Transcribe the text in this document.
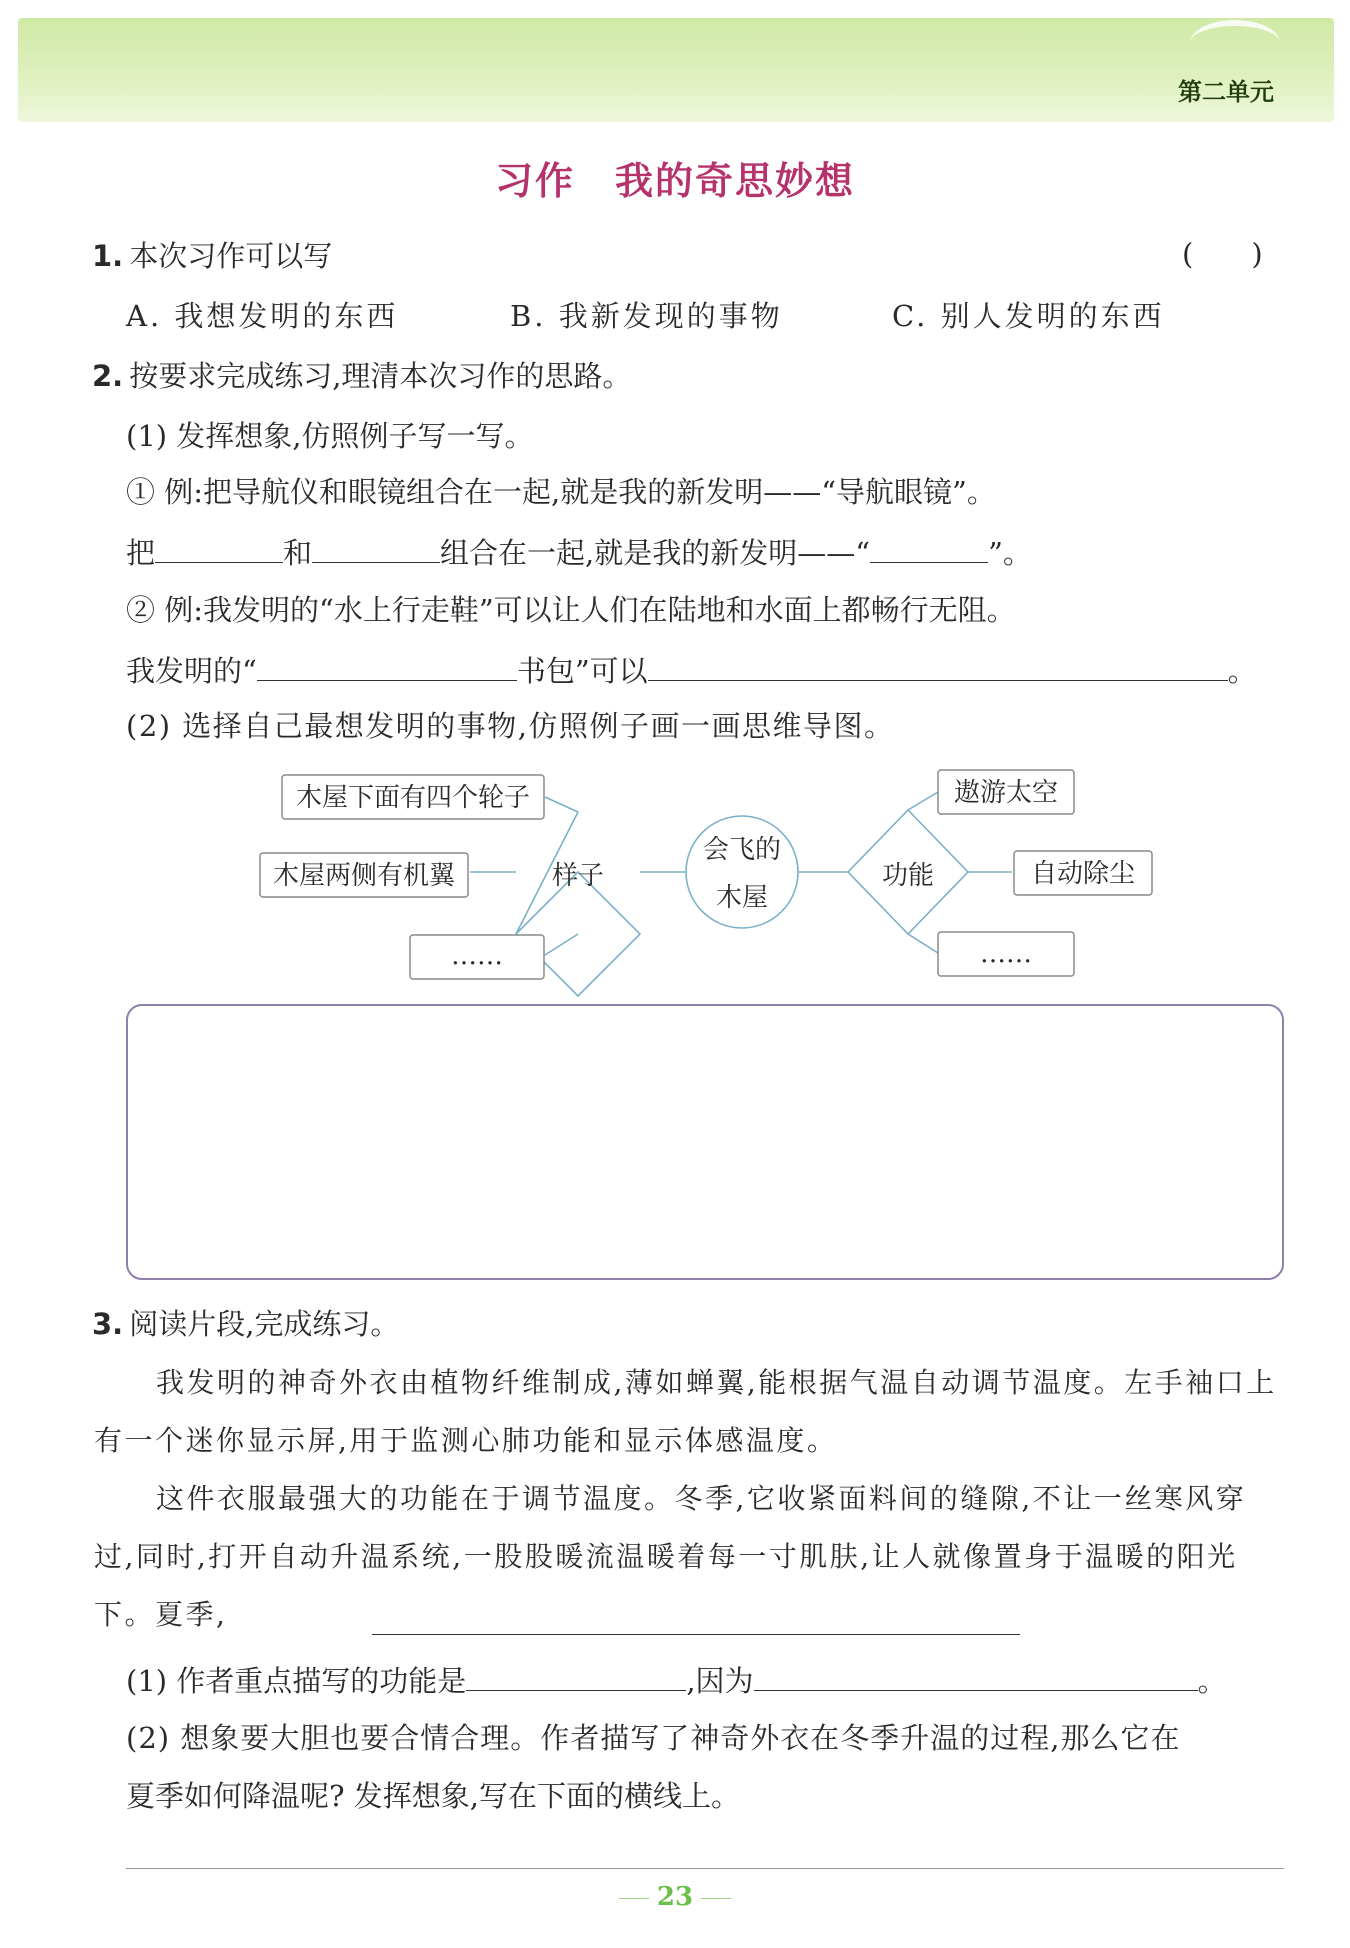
第二单元
习作　我的奇思妙想
1. 本次习作可以写	(　　)
A. 我想发明的东西	B. 我新发现的事物	C. 别人发明的东西
2. 按要求完成练习,理清本次习作的思路。
(1) 发挥想象,仿照例子写一写。
① 例:把导航仪和眼镜组合在一起,就是我的新发明——“导航眼镜”。
把	和	组合在一起,就是我的新发明——“	”。
② 例:我发明的“水上行走鞋”可以让人们在陆地和水面上都畅行无阻。
我发明的“	书包”可以	。
(2) 选择自己最想发明的事物,仿照例子画一画思维导图。
木屋下面有四个轮子
木屋两侧有机翼
……
样子
会飞的
木屋
功能
遨游太空
自动除尘
……
3. 阅读片段,完成练习。
我发明的神奇外衣由植物纤维制成,薄如蝉翼,能根据气温自动调节温度。左手袖口上有一个迷你显示屏,用于监测心肺功能和显示体感温度。
这件衣服最强大的功能在于调节温度。冬季,它收紧面料间的缝隙,不让一丝寒风穿过,同时,打开自动升温系统,一股股暖流温暖着每一寸肌肤,让人就像置身于温暖的阳光下。夏季,
(1) 作者重点描写的功能是	,因为	。
(2) 想象要大胆也要合情合理。作者描写了神奇外衣在冬季升温的过程,那么它在
夏季如何降温呢? 发挥想象,写在下面的横线上。
23
